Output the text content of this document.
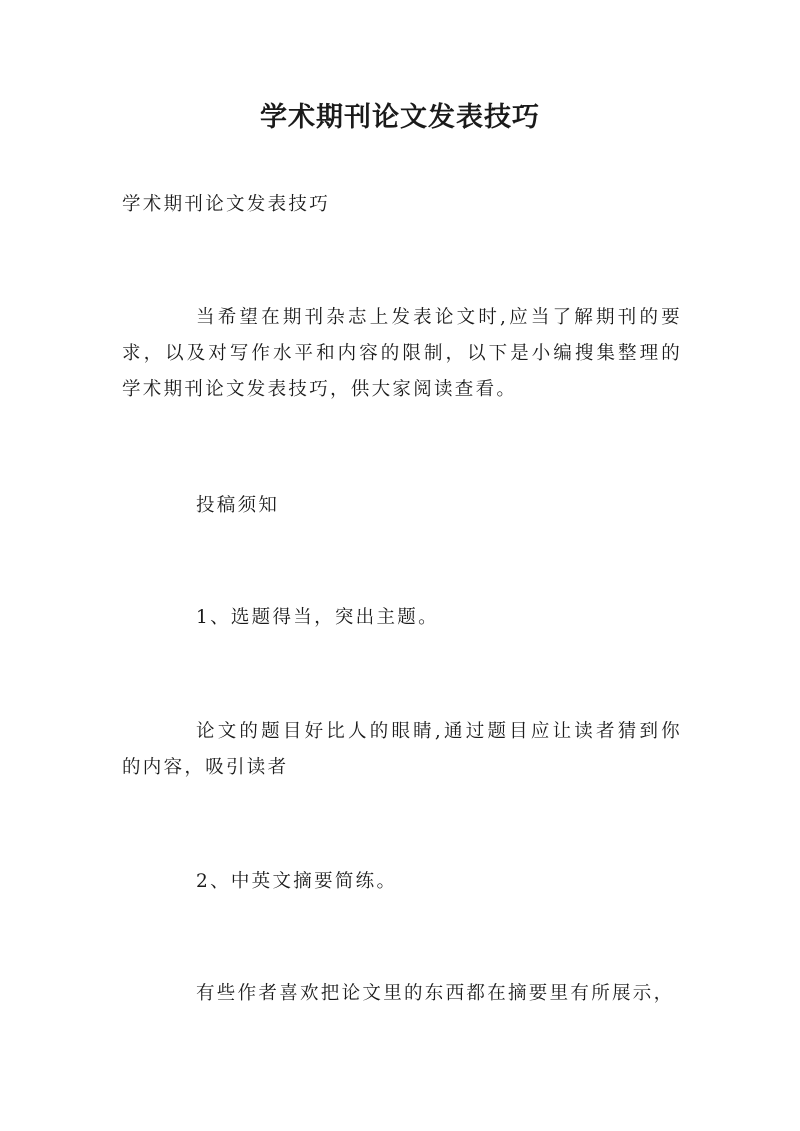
学术期刊论文发表技巧

学术期刊论文发表技巧

当希望在期刊杂志上发表论文时,应当了解期刊的要求，以及对写作水平和内容的限制，以下是小编搜集整理的学术期刊论文发表技巧，供大家阅读查看。

投稿须知

1、选题得当，突出主题。

论文的题目好比人的眼睛,通过题目应让读者猜到你的内容，吸引读者

2、中英文摘要简练。

有些作者喜欢把论文里的东西都在摘要里有所展示，
